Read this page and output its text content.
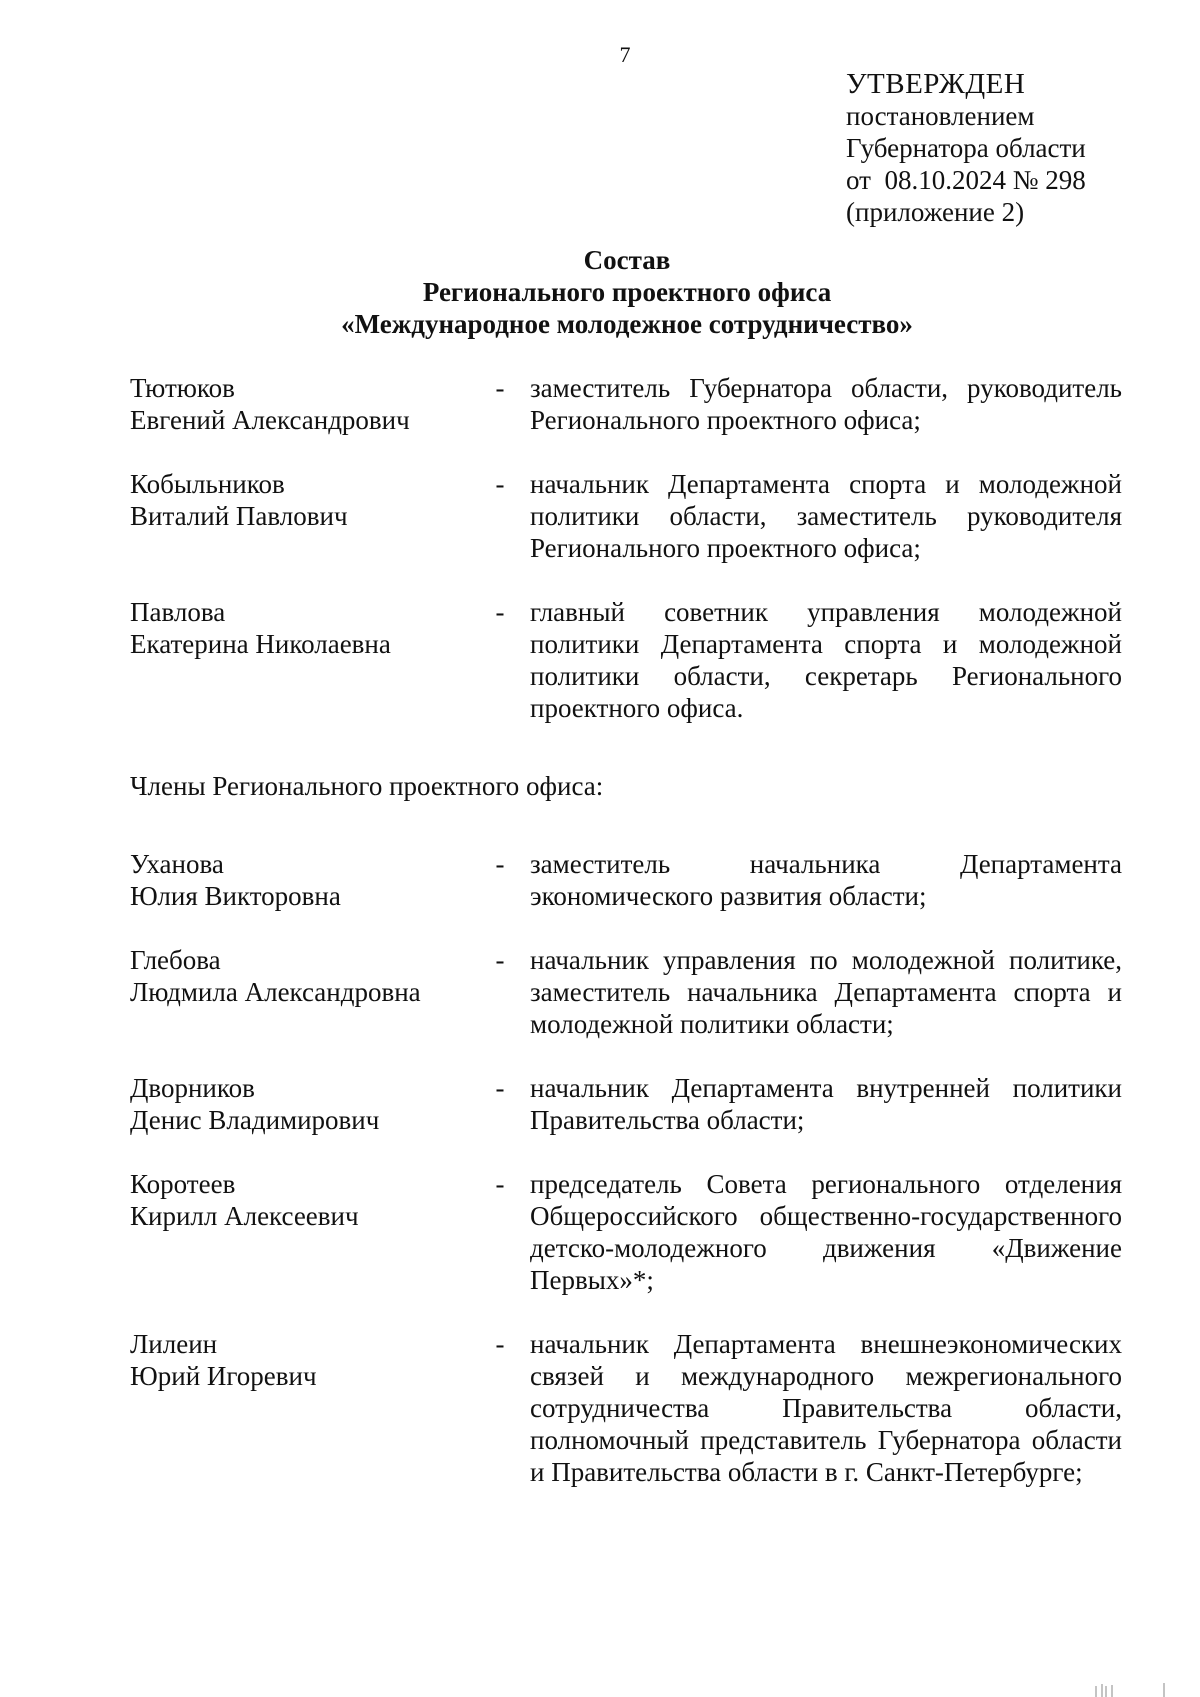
7
УТВЕРЖДЕН
постановлением
Губернатора области
от  08.10.2024 № 298
(приложение 2)
Состав
Регионального проектного офиса
«Международное молодежное сотрудничество»
Тютюков
Евгений Александрович
- заместитель Губернатора области, руководитель Регионального проектного офиса;
Кобыльников
Виталий Павлович
- начальник Департамента спорта и молодежной политики области, заместитель руководителя Регионального проектного офиса;
Павлова
Екатерина Николаевна
- главный советник управления молодежной политики Департамента спорта и молодежной политики области, секретарь Регионального проектного офиса.

Члены Регионального проектного офиса:

Уханова
Юлия Викторовна
- заместитель начальника Департамента экономического развития области;
Глебова
Людмила Александровна
- начальник управления по молодежной политике, заместитель начальника Департамента спорта и молодежной политики области;
Дворников
Денис Владимирович
- начальник Департамента внутренней политики Правительства области;
Коротеев
Кирилл Алексеевич
- председатель Совета регионального отделения Общероссийского общественно-государственного детско-молодежного движения «Движение Первых»*;
Лилеин
Юрий Игоревич
- начальник Департамента внешнеэкономических связей и международного межрегионального сотрудничества Правительства области, полномочный представитель Губернатора области и Правительства области в г. Санкт-Петербурге;
